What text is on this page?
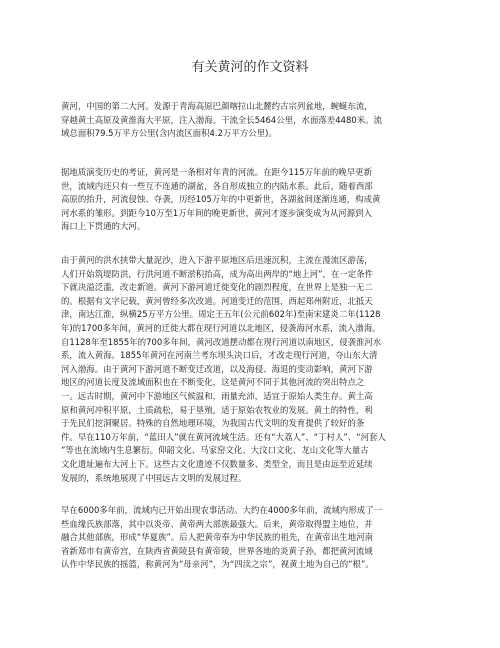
有关黄河的作文资料
黄河，中国的第二大河。发源于青海高原巴颜喀拉山北麓约古宗列盆地，蜿蜒东流，
穿越黄土高原及黄淮海大平原，注入渤海。干流全长5464公里，水面落差4480米。流
域总面积79.5万平方公里(含内流区面积4.2万平方公里)。
据地质演变历史的考证，黄河是一条相对年青的河流。在距今115万年前的晚早更新
世，流域内还只有一些互不连通的湖盆，各自形成独立的内陆水系。此后，随着西部
高原的抬升，河流侵蚀、夺袭，历经105万年的中更新世，各湖盆间逐渐连通，构成黄
河水系的雏形。到距今10万至1万年间的晚更新世，黄河才逐步演变成为从河源到入
海口上下贯通的大河。
由于黄河的洪水挟带大量泥沙，进入下游平原地区后迅速沉积，主流在漫流区游荡，
人们开始筑堤防洪，行洪河道不断淤积抬高，成为高出两岸的“地上河”，在一定条件
下就决溢泛滥，改走新道。黄河下游河道迁徙变化的剧烈程度，在世界上是独一无二
的。根据有文字记载，黄河曾经多次改道。河道变迁的范围，西起郑州附近，北抵天
津，南达江淮，纵横25万平方公里。周定王五年(公元前602年)至南宋建炎二年(1128
年)的1700多年间，黄河的迁徙大都在现行河道以北地区，侵袭海河水系，流入渤海。
自1128年至1855年的700多年间，黄河改道摆动都在现行河道以南地区，侵袭淮河水
系，流入黄海。1855年黄河在河南兰考东坝头决口后，才改走现行河道，夺山东大清
河入渤海。由于黄河下游河道不断变迁改道，以及海侵、海退的变动影响，黄河下游
地区的河道长度及流域面积也在不断变化，这是黄河不同于其他河流的突出特点之
一。远古时期，黄河中下游地区气候温和，雨量充沛，适宜于原始人类生存。黄土高
原和黄河冲积平原，土质疏松，易于垦殖，适于原始农牧业的发展。黄土的特性，利
于先民们挖洞聚居。特殊的自然地理环境，为我国古代文明的发育提供了较好的条
件。早在110万年前，“蓝田人”就在黄河流域生活。还有“大荔人”、“丁村人”、“河套人
”等也在流域内生息繁衍。仰韶文化、马家窑文化、大汶口文化、龙山文化等大量古
文化遗址遍布大河上下。这些古文化遗迹不仅数量多、类型全，而且是由远至近延续
发展的，系统地展现了中国远古文明的发展过程。
早在6000多年前，流域内已开始出现农事活动。大约在4000多年前，流域内形成了一
些血缘氏族部落，其中以炎帝、黄帝两大部族最强大。后来，黄帝取得盟主地位，并
融合其他部族，形成“华夏族”。后人把黄帝奉为中华民族的祖先，在黄帝出生地河南
省新郑市有黄帝宫，在陕西省黄陵县有黄帝陵，世界各地的炎黄子孙，都把黄河流域
认作中华民族的摇篮，称黄河为“母亲河”，为“四渎之宗”，视黄土地为自己的“根”。
